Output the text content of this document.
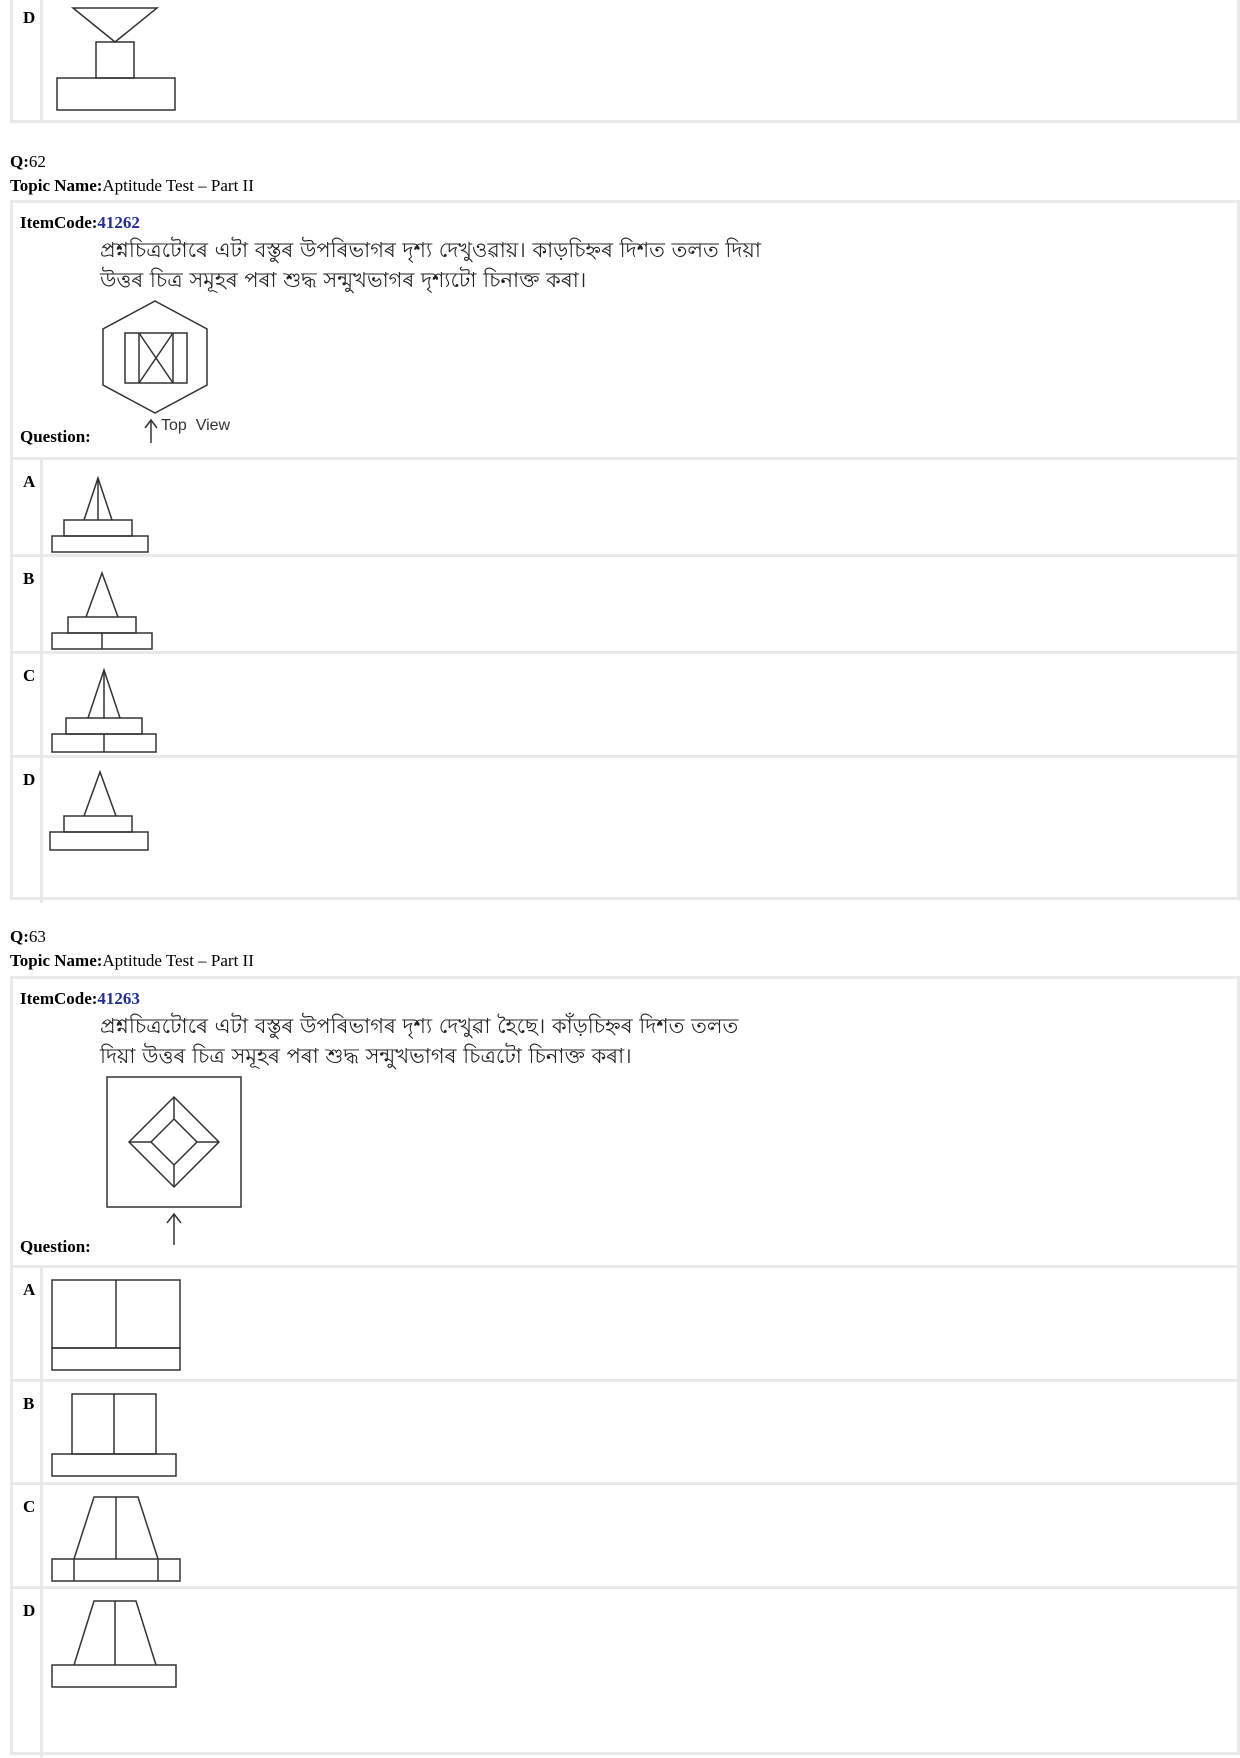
D
Q:62
Topic Name:Aptitude Test – Part II
ItemCode:41262
প্ৰশ্নচিত্ৰটোৰে এটা বস্তুৰ উপৰিভাগৰ দৃশ্য দেখুওৱায়। কাড়চিহ্নৰ দিশত তলত দিয়া
উত্তৰ চিত্ৰ সমূহৰ পৰা শুদ্ধ সন্মুখভাগৰ দৃশ্যটো চিনাক্ত কৰা।
Top  View
Question:
A
B
C
D
Q:63
Topic Name:Aptitude Test – Part II
ItemCode:41263
প্ৰশ্নচিত্ৰটোৰে এটা বস্তুৰ উপৰিভাগৰ দৃশ্য দেখুৱা হৈছে। কাঁড়চিহ্নৰ দিশত তলত
দিয়া উত্তৰ চিত্ৰ সমূহৰ পৰা শুদ্ধ সন্মুখভাগৰ চিত্ৰটো চিনাক্ত কৰা।
Question:
A
B
C
D
